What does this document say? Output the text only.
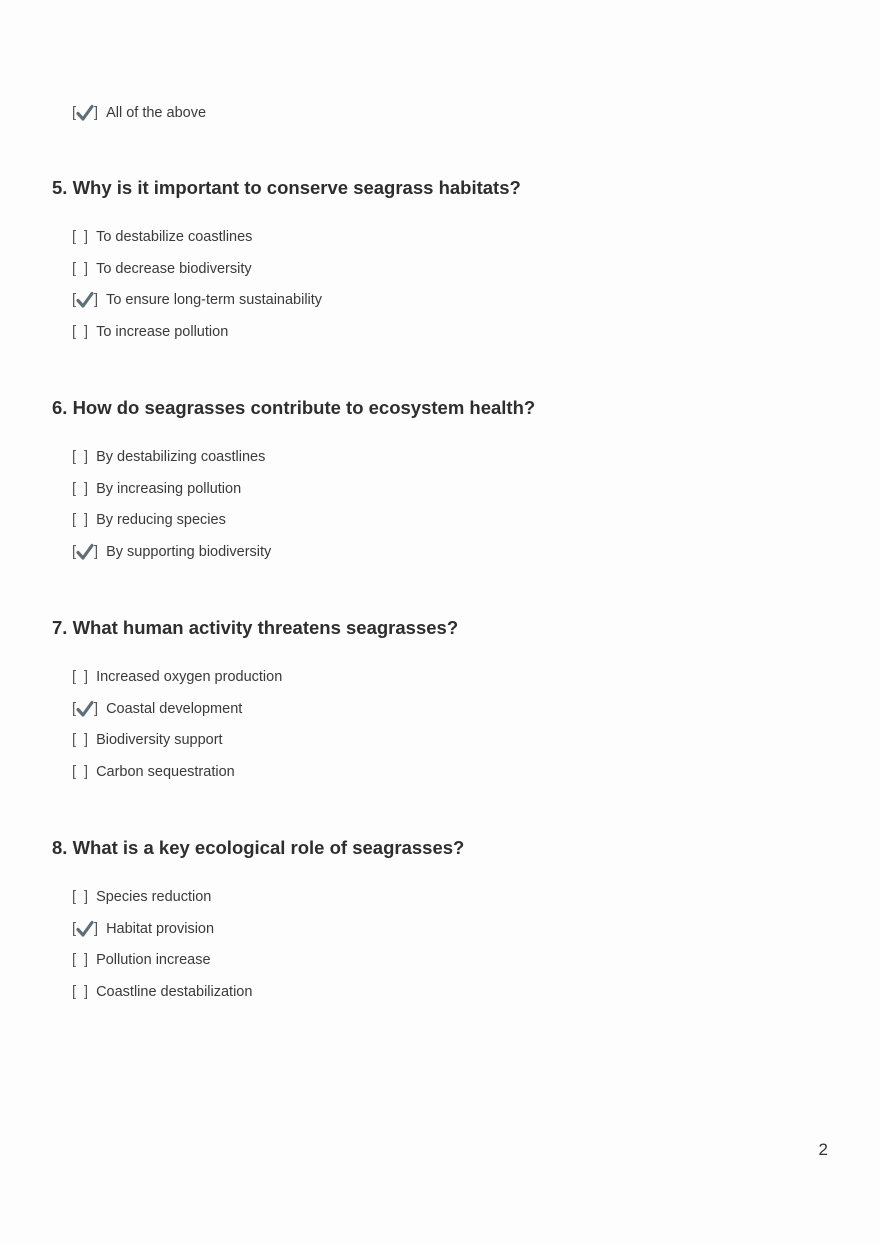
[ ] All of the above
5. Why is it important to conserve seagrass habitats?
[ ] To destabilize coastlines
[ ] To decrease biodiversity
[ ] To ensure long-term sustainability
[ ] To increase pollution
6. How do seagrasses contribute to ecosystem health?
[ ] By destabilizing coastlines
[ ] By increasing pollution
[ ] By reducing species
[ ] By supporting biodiversity
7. What human activity threatens seagrasses?
[ ] Increased oxygen production
[ ] Coastal development
[ ] Biodiversity support
[ ] Carbon sequestration
8. What is a key ecological role of seagrasses?
[ ] Species reduction
[ ] Habitat provision
[ ] Pollution increase
[ ] Coastline destabilization
2
